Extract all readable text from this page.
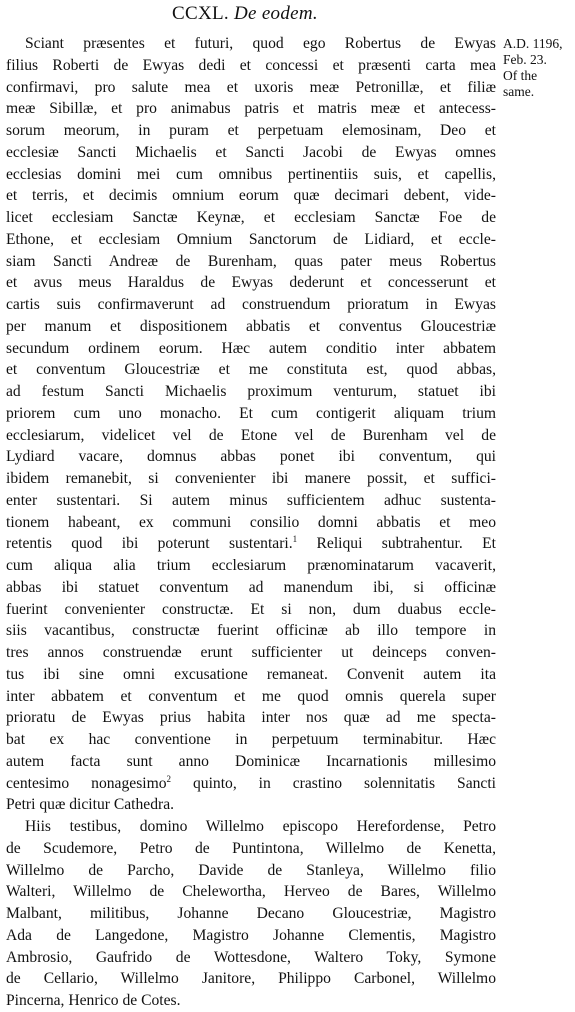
CCXL. De eodem.
A.D. 1196,
Feb. 23.
Of the
same.
Sciant præsentes et futuri, quod ego Robertus de Ewyas
filius Roberti de Ewyas dedi et concessi et præsenti carta mea
confirmavi, pro salute mea et uxoris meæ Petronillæ, et filiæ
meæ Sibillæ, et pro animabus patris et matris meæ et antecess-
sorum meorum, in puram et perpetuam elemosinam, Deo et
ecclesiæ Sancti Michaelis et Sancti Jacobi de Ewyas omnes
ecclesias domini mei cum omnibus pertinentiis suis, et capellis,
et terris, et decimis omnium eorum quæ decimari debent, vide-
licet ecclesiam Sanctæ Keynæ, et ecclesiam Sanctæ Foe de
Ethone, et ecclesiam Omnium Sanctorum de Lidiard, et eccle-
siam Sancti Andreæ de Burenham, quas pater meus Robertus
et avus meus Haraldus de Ewyas dederunt et concesserunt et
cartis suis confirmaverunt ad construendum prioratum in Ewyas
per manum et dispositionem abbatis et conventus Gloucestriæ
secundum ordinem eorum. Hæc autem conditio inter abbatem
et conventum Gloucestriæ et me constituta est, quod abbas,
ad festum Sancti Michaelis proximum venturum, statuet ibi
priorem cum uno monacho. Et cum contigerit aliquam trium
ecclesiarum, videlicet vel de Etone vel de Burenham vel de
Lydiard vacare, domnus abbas ponet ibi conventum, qui
ibidem remanebit, si convenienter ibi manere possit, et suffici-
enter sustentari. Si autem minus sufficientem adhuc sustenta-
tionem habeant, ex communi consilio domni abbatis et meo
retentis quod ibi poterunt sustentari.$^1$ Reliqui subtrahentur. Et
cum aliqua alia trium ecclesiarum prænominatarum vacaverit,
abbas ibi statuet conventum ad manendum ibi, si officinæ
fuerint convenienter constructæ. Et si non, dum duabus eccle-
siis vacantibus, constructæ fuerint officinæ ab illo tempore in
tres annos construendæ erunt sufficienter ut deinceps conven-
tus ibi sine omni excusatione remaneat. Convenit autem ita
inter abbatem et conventum et me quod omnis querela super
prioratu de Ewyas prius habita inter nos quæ ad me specta-
bat ex hac conventione in perpetuum terminabitur. Hæc
autem facta sunt anno Dominicæ Incarnationis millesimo
centesimo nonagesimo$^2$ quinto, in crastino solennitatis Sancti
Petri quæ dicitur Cathedra.
Hiis testibus, domino Willelmo episcopo Herefordense, Petro
de Scudemore, Petro de Puntintona, Willelmo de Kenetta,
Willelmo de Parcho, Davide de Stanleya, Willelmo filio
Walteri, Willelmo de Chelewortha, Herveo de Bares, Willelmo
Malbant, militibus, Johanne Decano Gloucestriæ, Magistro
Ada de Langedone, Magistro Johanne Clementis, Magistro
Ambrosio, Gaufrido de Wottesdone, Waltero Toky, Symone
de Cellario, Willelmo Janitore, Philippo Carbonel, Willelmo
Pincerna, Henrico de Cotes.
